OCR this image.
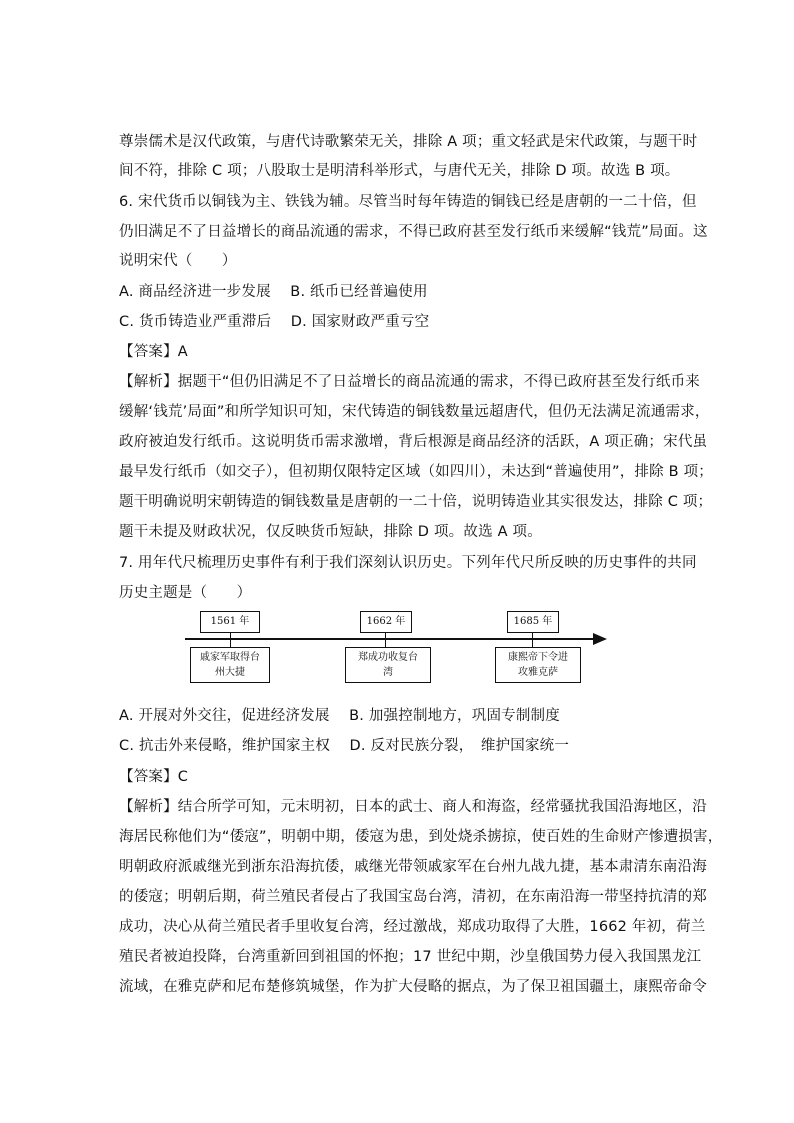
尊崇儒术是汉代政策，与唐代诗歌繁荣无关，排除 A 项；重文轻武是宋代政策，与题干时
间不符，排除 C 项；八股取士是明清科举形式，与唐代无关，排除 D 项。故选 B 项。
6. 宋代货币以铜钱为主、铁钱为辅。尽管当时每年铸造的铜钱已经是唐朝的一二十倍，但
仍旧满足不了日益增长的商品流通的需求，不得已政府甚至发行纸币来缓解“钱荒”局面。这
说明宋代（　　）
A. 商品经济进一步发展　 B. 纸币已经普遍使用
C. 货币铸造业严重滞后　 D. 国家财政严重亏空
【答案】A
【解析】据题干“但仍旧满足不了日益增长的商品流通的需求，不得已政府甚至发行纸币来
缓解‘钱荒’局面”和所学知识可知，宋代铸造的铜钱数量远超唐代，但仍无法满足流通需求，
政府被迫发行纸币。这说明货币需求激增，背后根源是商品经济的活跃，A 项正确；宋代虽
最早发行纸币（如交子），但初期仅限特定区域（如四川），未达到“普遍使用”，排除 B 项；
题干明确说明宋朝铸造的铜钱数量是唐朝的一二十倍，说明铸造业其实很发达，排除 C 项；
题干未提及财政状况，仅反映货币短缺，排除 D 项。故选 A 项。
7. 用年代尺梳理历史事件有利于我们深刻认识历史。下列年代尺所反映的历史事件的共同
历史主题是（　　）
1561 年	1662 年	1685 年
戚家军取得台州大捷
郑成功收复台湾
康熙帝下令进攻雅克萨
A. 开展对外交往，促进经济发展　 B. 加强控制地方，巩固专制制度
C. 抗击外来侵略，维护国家主权　 D. 反对民族分裂，　维护国家统一
【答案】C
【解析】结合所学可知，元末明初，日本的武士、商人和海盗，经常骚扰我国沿海地区，沿
海居民称他们为“倭寇”，明朝中期，倭寇为患，到处烧杀掳掠，使百姓的生命财产惨遭损害，
明朝政府派戚继光到浙东沿海抗倭，戚继光带领戚家军在台州九战九捷，基本肃清东南沿海
的倭寇；明朝后期，荷兰殖民者侵占了我国宝岛台湾，清初，在东南沿海一带坚持抗清的郑
成功，决心从荷兰殖民者手里收复台湾，经过激战，郑成功取得了大胜，1662 年初，荷兰
殖民者被迫投降，台湾重新回到祖国的怀抱；17 世纪中期，沙皇俄国势力侵入我国黑龙江
流域，在雅克萨和尼布楚修筑城堡，作为扩大侵略的据点，为了保卫祖国疆土，康熙帝命令
